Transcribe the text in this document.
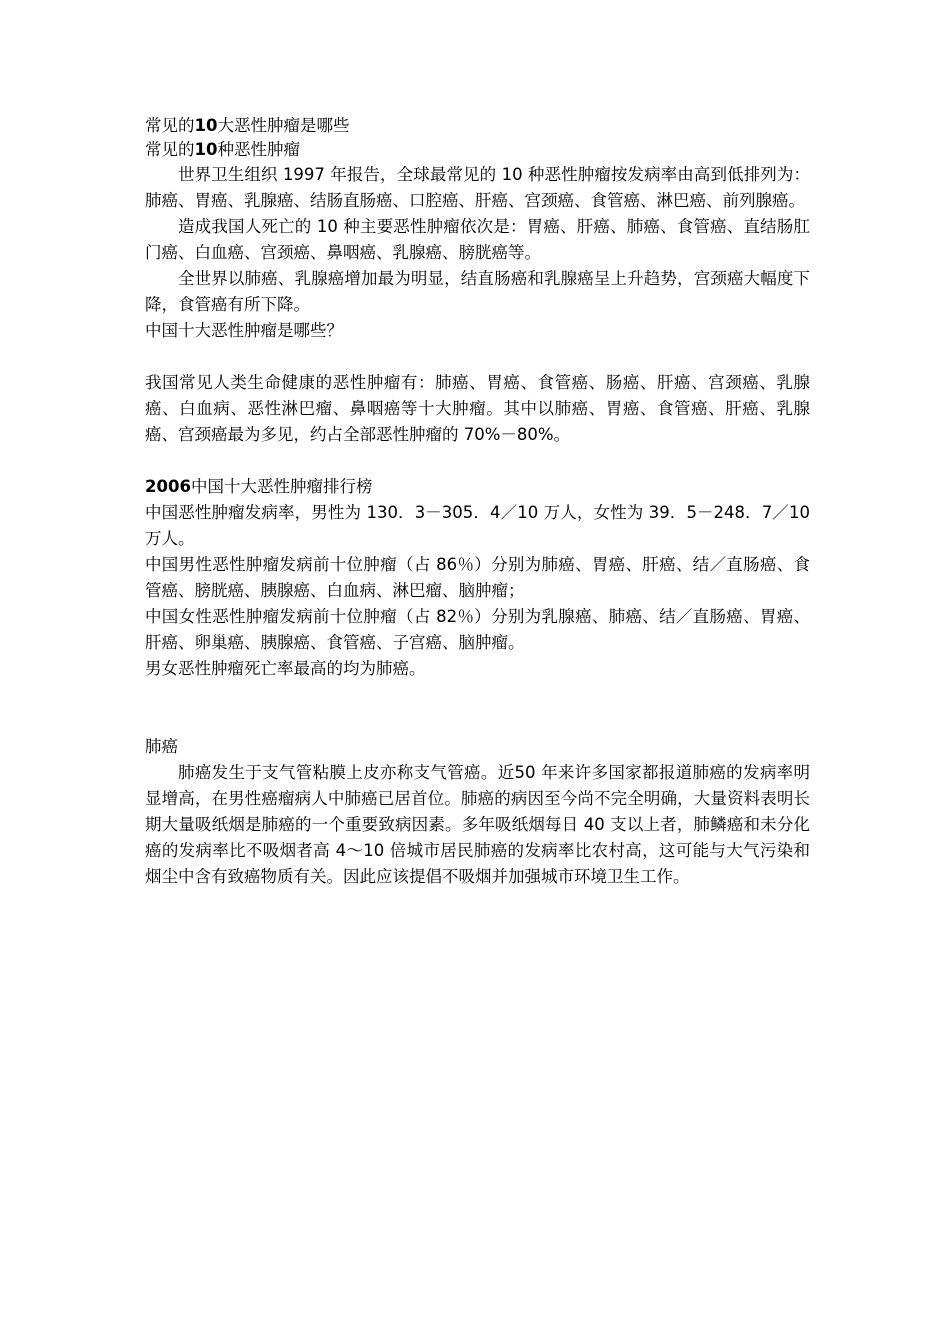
常见的10大恶性肿瘤是哪些

常见的10种恶性肿瘤

世界卫生组织 1997 年报告，全球最常见的 10 种恶性肿瘤按发病率由高到低排列为：肺癌、胃癌、乳腺癌、结肠直肠癌、口腔癌、肝癌、宫颈癌、食管癌、淋巴癌、前列腺癌。

造成我国人死亡的 10 种主要恶性肿瘤依次是：胃癌、肝癌、肺癌、食管癌、直结肠肛门癌、白血癌、宫颈癌、鼻咽癌、乳腺癌、膀胱癌等。

全世界以肺癌、乳腺癌增加最为明显，结直肠癌和乳腺癌呈上升趋势，宫颈癌大幅度下降，食管癌有所下降。

中国十大恶性肿瘤是哪些？

我国常见人类生命健康的恶性肿瘤有：肺癌、胃癌、食管癌、肠癌、肝癌、宫颈癌、乳腺癌、白血病、恶性淋巴瘤、鼻咽癌等十大肿瘤。其中以肺癌、胃癌、食管癌、肝癌、乳腺癌、宫颈癌最为多见，约占全部恶性肿瘤的 70%－80%。

2006中国十大恶性肿瘤排行榜

中国恶性肿瘤发病率，男性为 130．3－305．4／10 万人，女性为 39．5－248．7／10 万人。

中国男性恶性肿瘤发病前十位肿瘤（占 86％）分别为肺癌、胃癌、肝癌、结／直肠癌、食管癌、膀胱癌、胰腺癌、白血病、淋巴瘤、脑肿瘤；

中国女性恶性肿瘤发病前十位肿瘤（占 82％）分别为乳腺癌、肺癌、结／直肠癌、胃癌、肝癌、卵巢癌、胰腺癌、食管癌、子宫癌、脑肿瘤。

男女恶性肿瘤死亡率最高的均为肺癌。

肺癌

肺癌发生于支气管粘膜上皮亦称支气管癌。近50 年来许多国家都报道肺癌的发病率明显增高，在男性癌瘤病人中肺癌已居首位。肺癌的病因至今尚不完全明确，大量资料表明长期大量吸纸烟是肺癌的一个重要致病因素。多年吸纸烟每日 40 支以上者，肺鳞癌和未分化癌的发病率比不吸烟者高 4～10 倍城市居民肺癌的发病率比农村高，这可能与大气污染和烟尘中含有致癌物质有关。因此应该提倡不吸烟并加强城市环境卫生工作。
